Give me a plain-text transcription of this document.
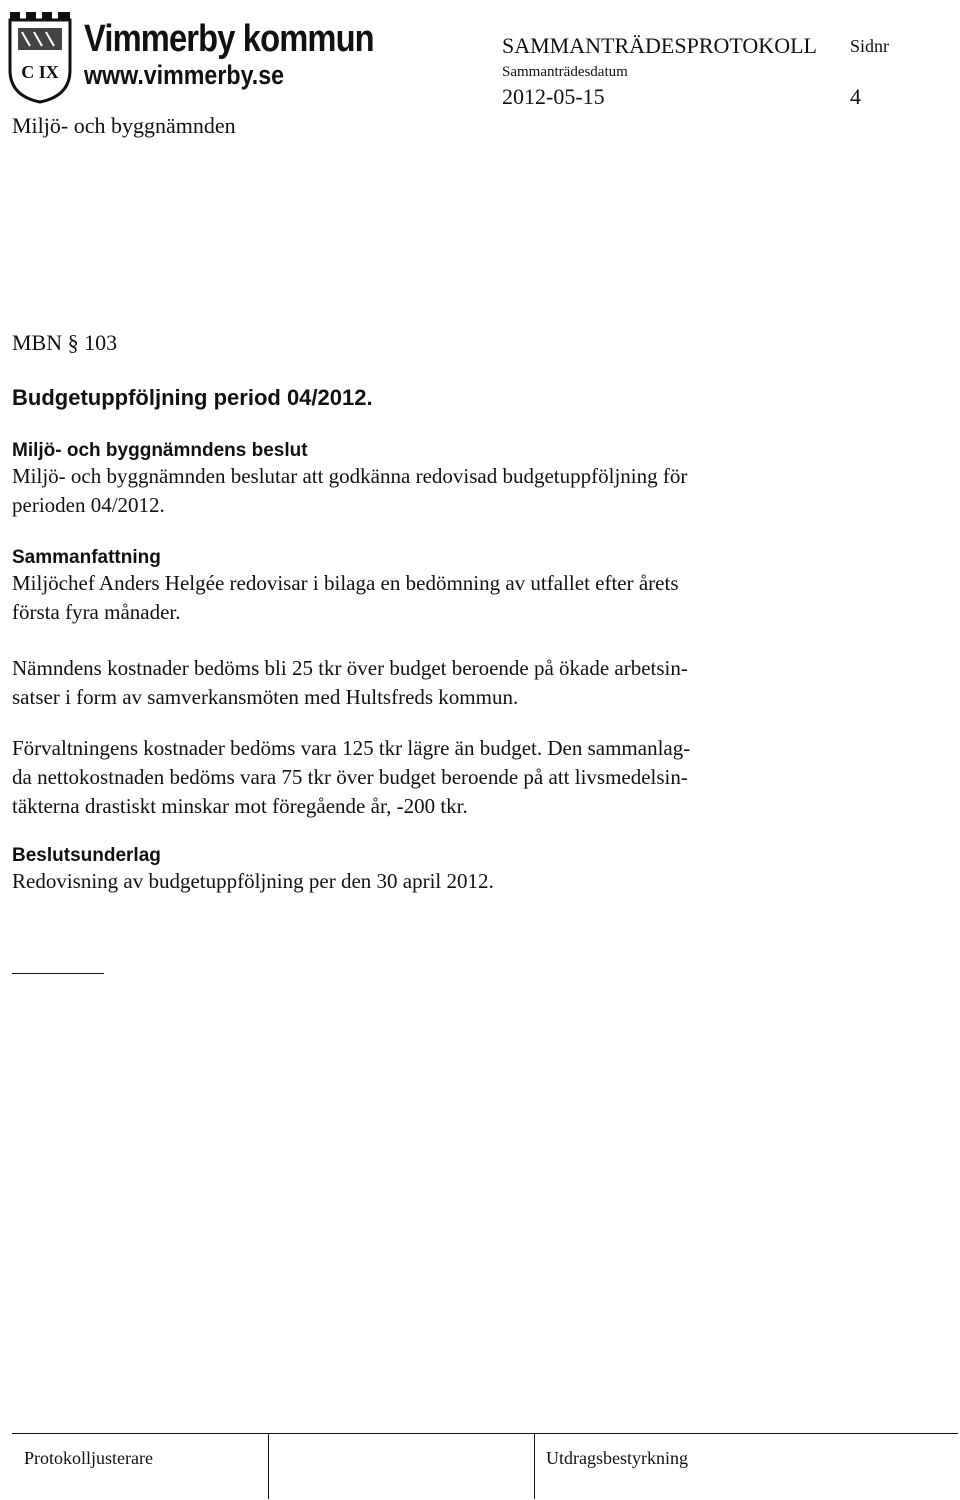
C IX
Vimmerby kommun
www.vimmerby.se
SAMMANTRÄDESPROTOKOLL Sidnr
Sammanträdesdatum
2012-05-15	4
Miljö- och byggnämnden
MBN § 103
Budgetuppföljning period 04/2012.
Miljö- och byggnämndens beslut
Miljö- och byggnämnden beslutar att godkänna redovisad budgetuppföljning för
perioden 04/2012.
Sammanfattning
Miljöchef Anders Helgée redovisar i bilaga en bedömning av utfallet efter årets
första fyra månader.
Nämndens kostnader bedöms bli 25 tkr över budget beroende på ökade arbetsin-
satser i form av samverkansmöten med Hultsfreds kommun.
Förvaltningens kostnader bedöms vara 125 tkr lägre än budget. Den sammanlag-
da nettokostnaden bedöms vara 75 tkr över budget beroende på att livsmedelsin-
täkterna drastiskt minskar mot föregående år, -200 tkr.
Beslutsunderlag
Redovisning av budgetuppföljning per den 30 april 2012.
Protokolljusterare	Utdragsbestyrkning
